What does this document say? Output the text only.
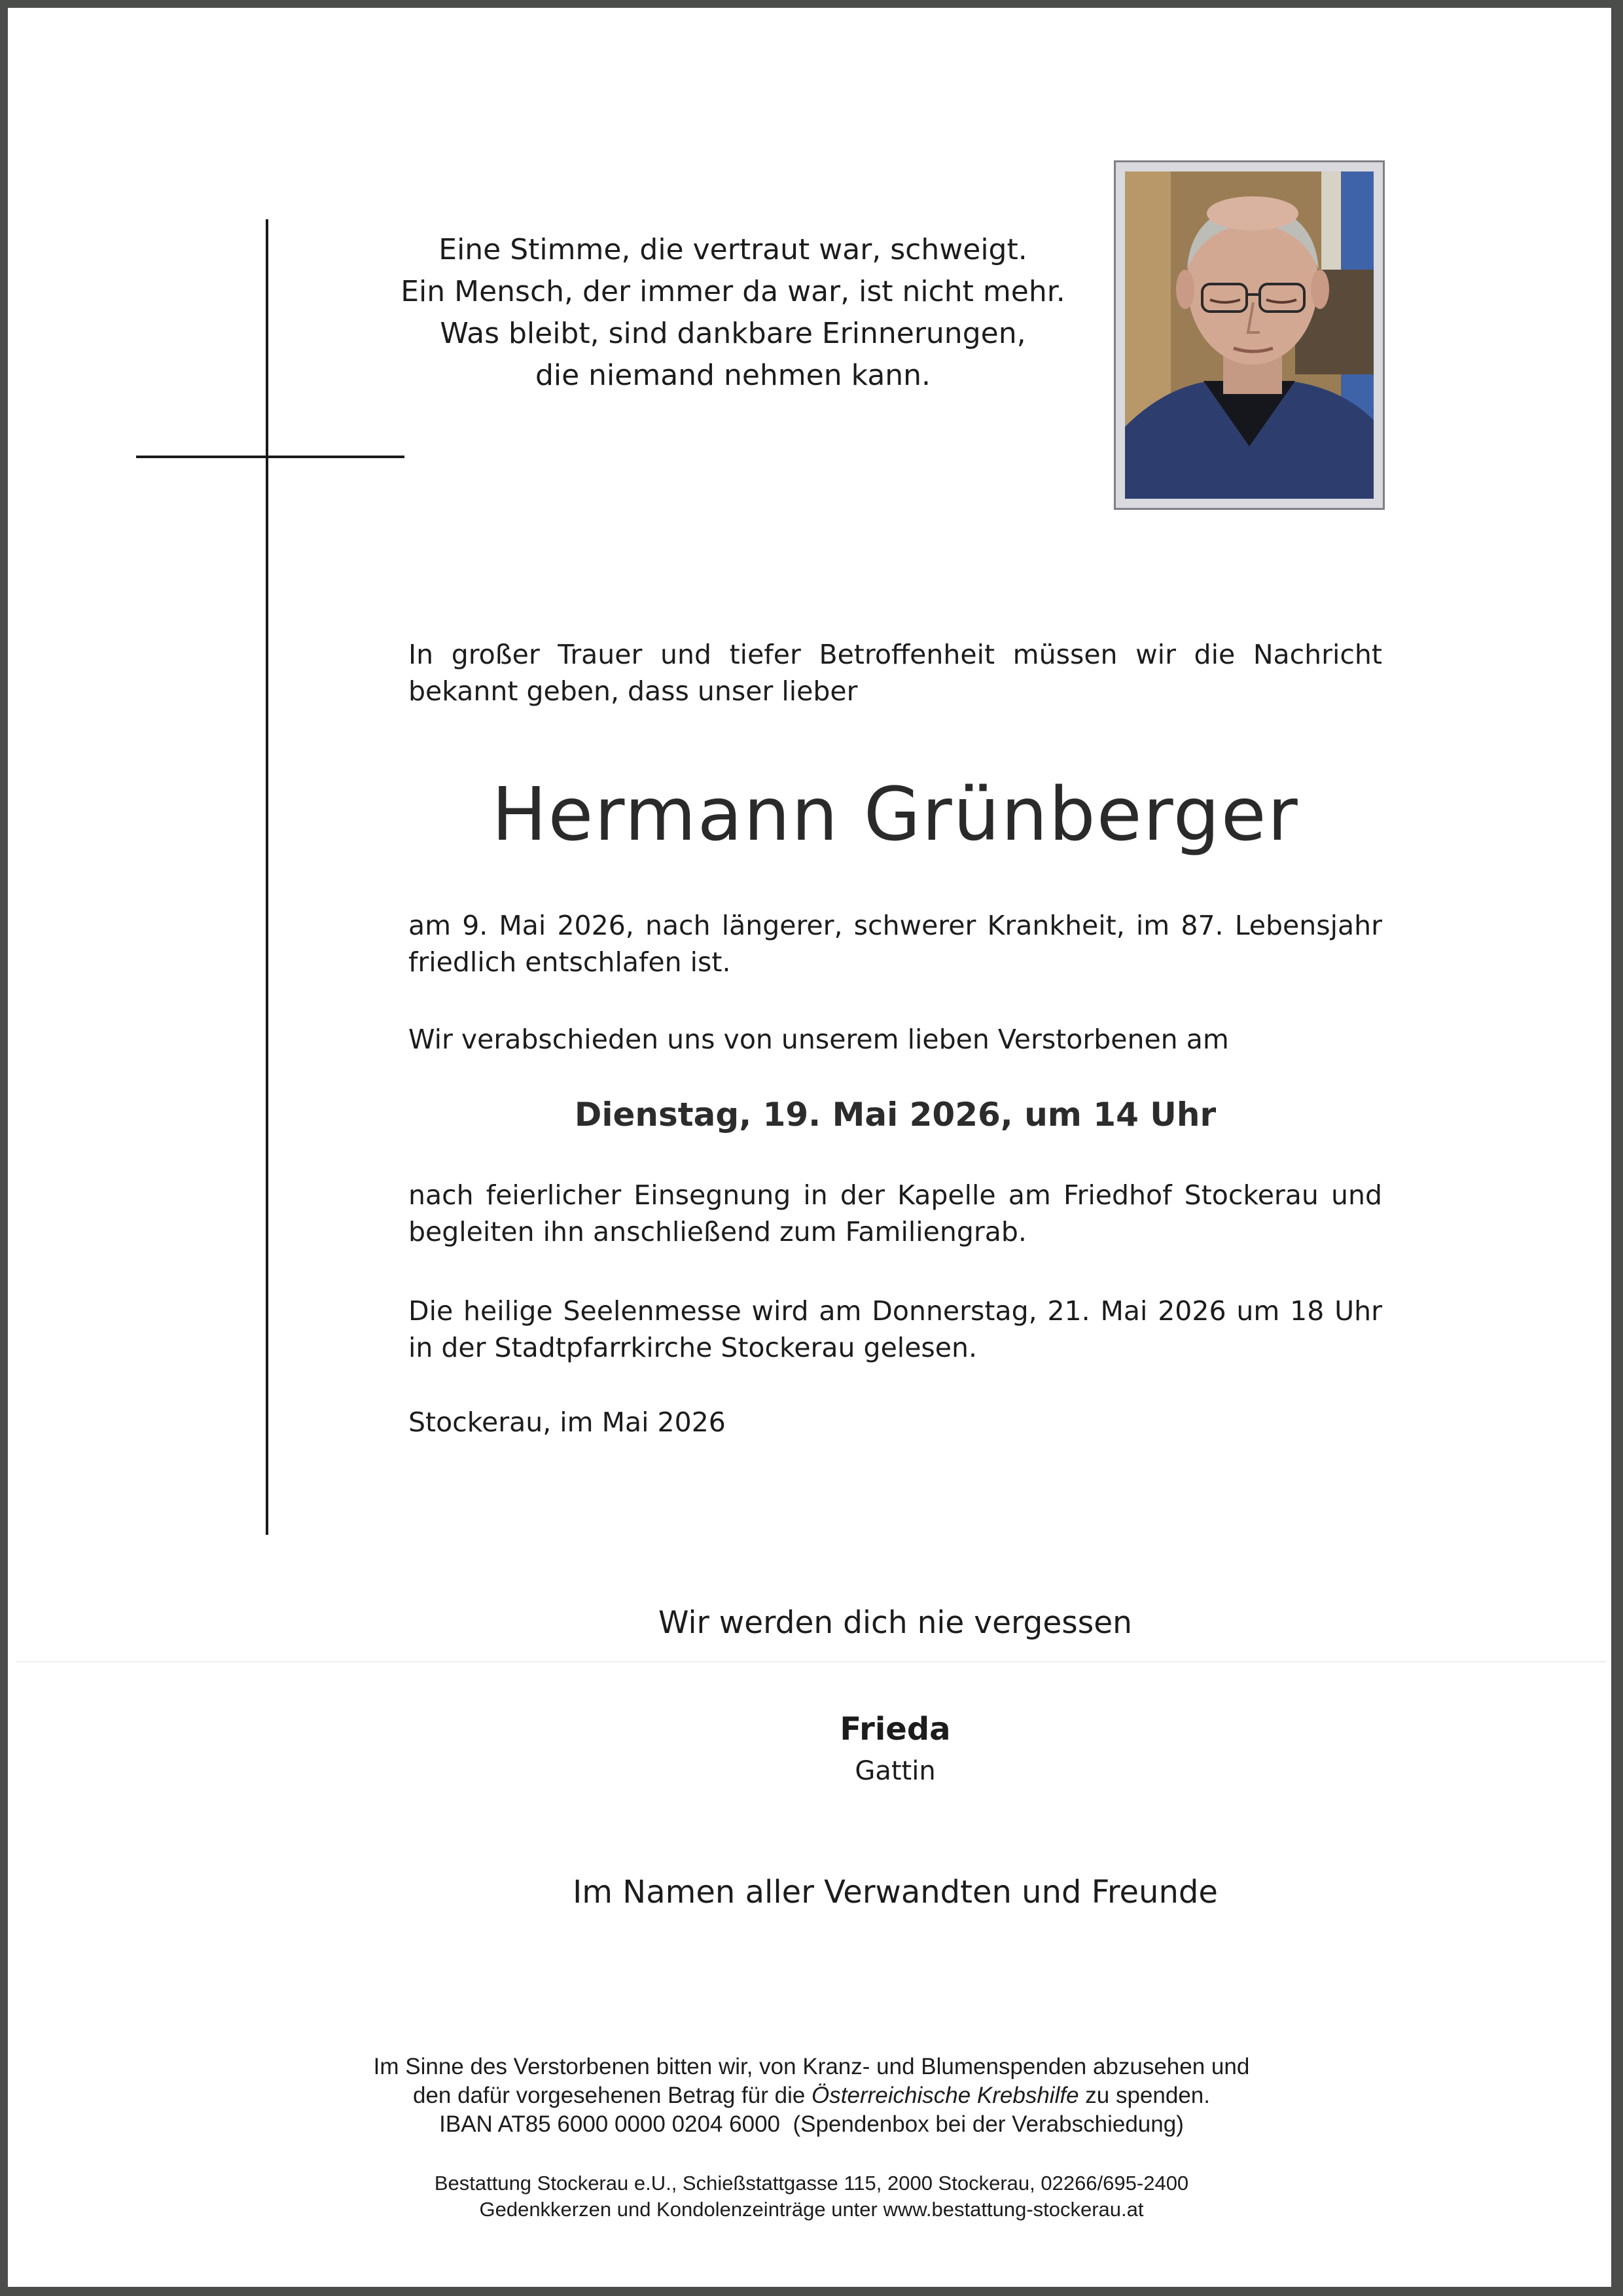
Eine Stimme, die vertraut war, schweigt.
Ein Mensch, der immer da war, ist nicht mehr.
Was bleibt, sind dankbare Erinnerungen,
die niemand nehmen kann.
In großer Trauer und tiefer Betroffenheit müssen wir die Nachricht bekannt geben, dass unser lieber
Hermann Grünberger
am 9. Mai 2026, nach längerer, schwerer Krankheit, im 87. Lebensjahr friedlich entschlafen ist.
Wir verabschieden uns von unserem lieben Verstorbenen am
Dienstag, 19. Mai 2026, um 14 Uhr
nach feierlicher Einsegnung in der Kapelle am Friedhof Stockerau und begleiten ihn anschließend zum Familiengrab.
Die heilige Seelenmesse wird am Donnerstag, 21. Mai 2026 um 18 Uhr in der Stadtpfarrkirche Stockerau gelesen.
Stockerau, im Mai 2026
Wir werden dich nie vergessen
Frieda
Gattin
Im Namen aller Verwandten und Freunde
Im Sinne des Verstorbenen bitten wir, von Kranz- und Blumenspenden abzusehen und
den dafür vorgesehenen Betrag für die Österreichische Krebshilfe zu spenden.
IBAN AT85 6000 0000 0204 6000  (Spendenbox bei der Verabschiedung)
Bestattung Stockerau e.U., Schießstattgasse 115, 2000 Stockerau, 02266/695-2400
Gedenkkerzen und Kondolenzeinträge unter www.bestattung-stockerau.at
